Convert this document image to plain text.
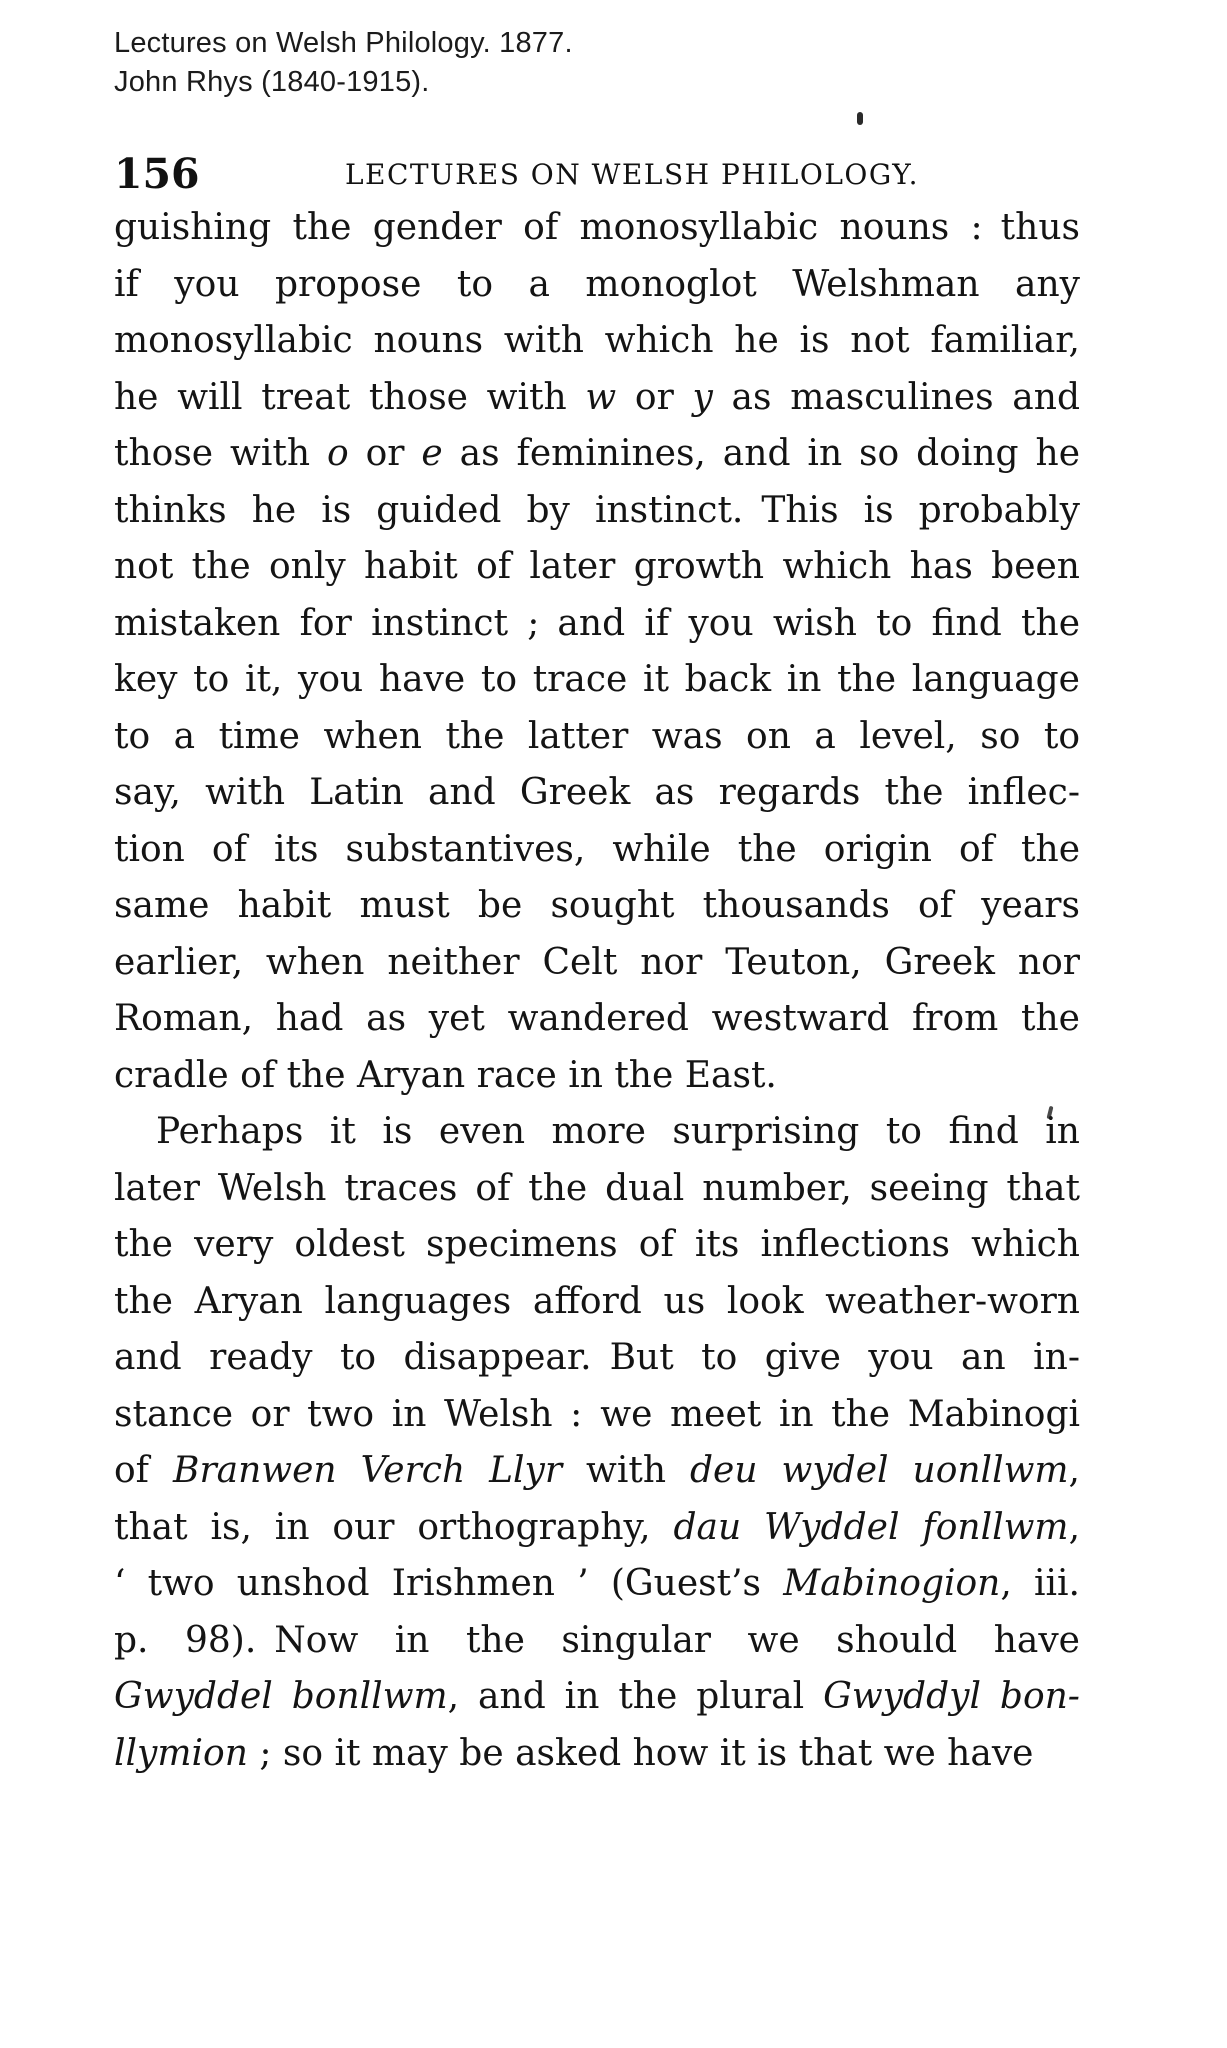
Lectures on Welsh Philology. 1877.
John Rhys (1840-1915).
156	LECTURES ON WELSH PHILOLOGY.
guishing the gender of monosyllabic nouns : thus
if you propose to a monoglot Welshman any
monosyllabic nouns with which he is not familiar,
he will treat those with w or y as masculines and
those with o or e as feminines, and in so doing he
thinks he is guided by instinct. This is probably
not the only habit of later growth which has been
mistaken for instinct ; and if you wish to find the
key to it, you have to trace it back in the language
to a time when the latter was on a level, so to
say, with Latin and Greek as regards the inflec-
tion of its substantives, while the origin of the
same habit must be sought thousands of years
earlier, when neither Celt nor Teuton, Greek nor
Roman, had as yet wandered westward from the
cradle of the Aryan race in the East.
Perhaps it is even more surprising to find in
later Welsh traces of the dual number, seeing that
the very oldest specimens of its inflections which
the Aryan languages afford us look weather-worn
and ready to disappear. But to give you an in-
stance or two in Welsh : we meet in the Mabinogi
of Branwen Verch Llyr with deu wydel uonllwm,
that is, in our orthography, dau Wyddel fonllwm,
‘ two unshod Irishmen ’ (Guest’s Mabinogion, iii.
p. 98). Now in the singular we should have
Gwyddel bonllwm, and in the plural Gwyddyl bon-
llymion ; so it may be asked how it is that we have
